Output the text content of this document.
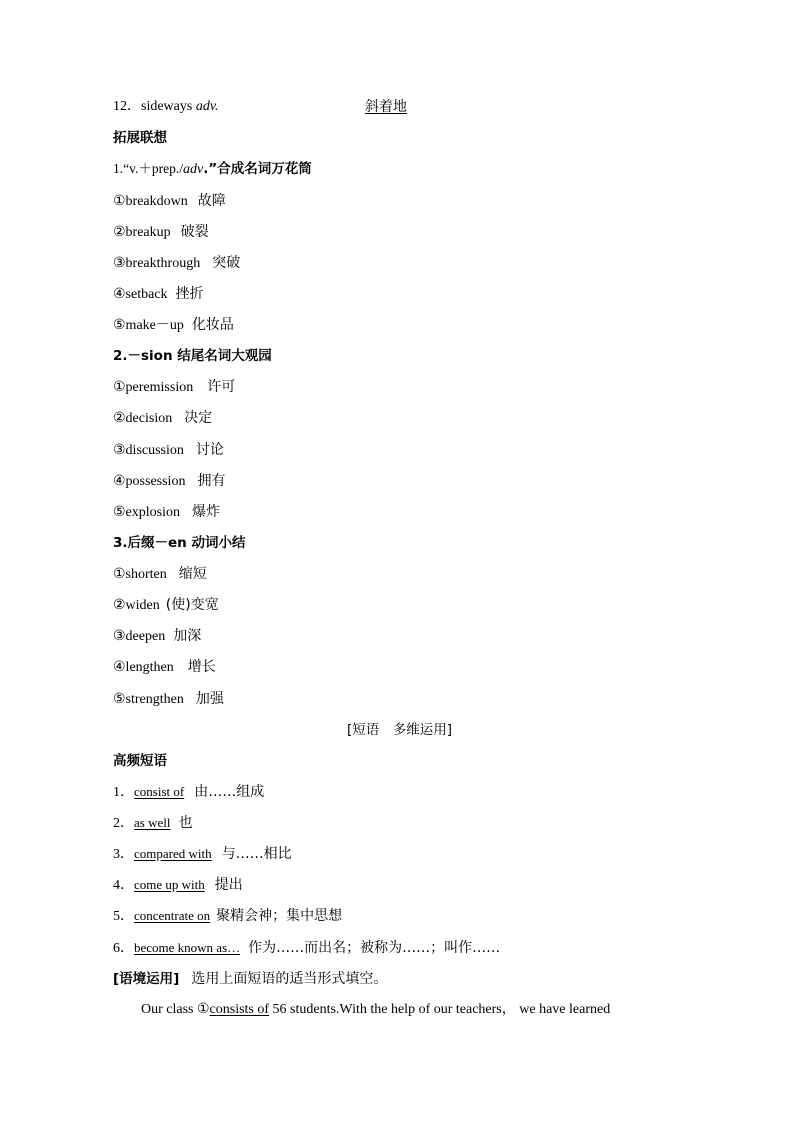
12．sideways adv.	斜着地
拓展联想
1.“v.＋prep./adv.”合成名词万花筒
①breakdown 故障
②breakup 破裂
③breakthrough 突破
④setback 挫折
⑤make－up 化妆品
2.－sion 结尾名词大观园
①peremission 许可
②decision 决定
③discussion 讨论
④possession 拥有
⑤explosion 爆炸
3.后缀－en 动词小结
①shorten 缩短
②widen (使)变宽
③deepen 加深
④lengthen 增长
⑤strengthen 加强
[短语　多维运用]
高频短语
1．consist of 由……组成
2．as well 也
3．compared with 与……相比
4．come up with 提出
5．concentrate on 聚精会神；集中思想
6．become known as… 作为……而出名；被称为……；叫作……
[语境运用] 选用上面短语的适当形式填空。
Our class ①consists of 56 students.With the help of our teachers， we have learned
